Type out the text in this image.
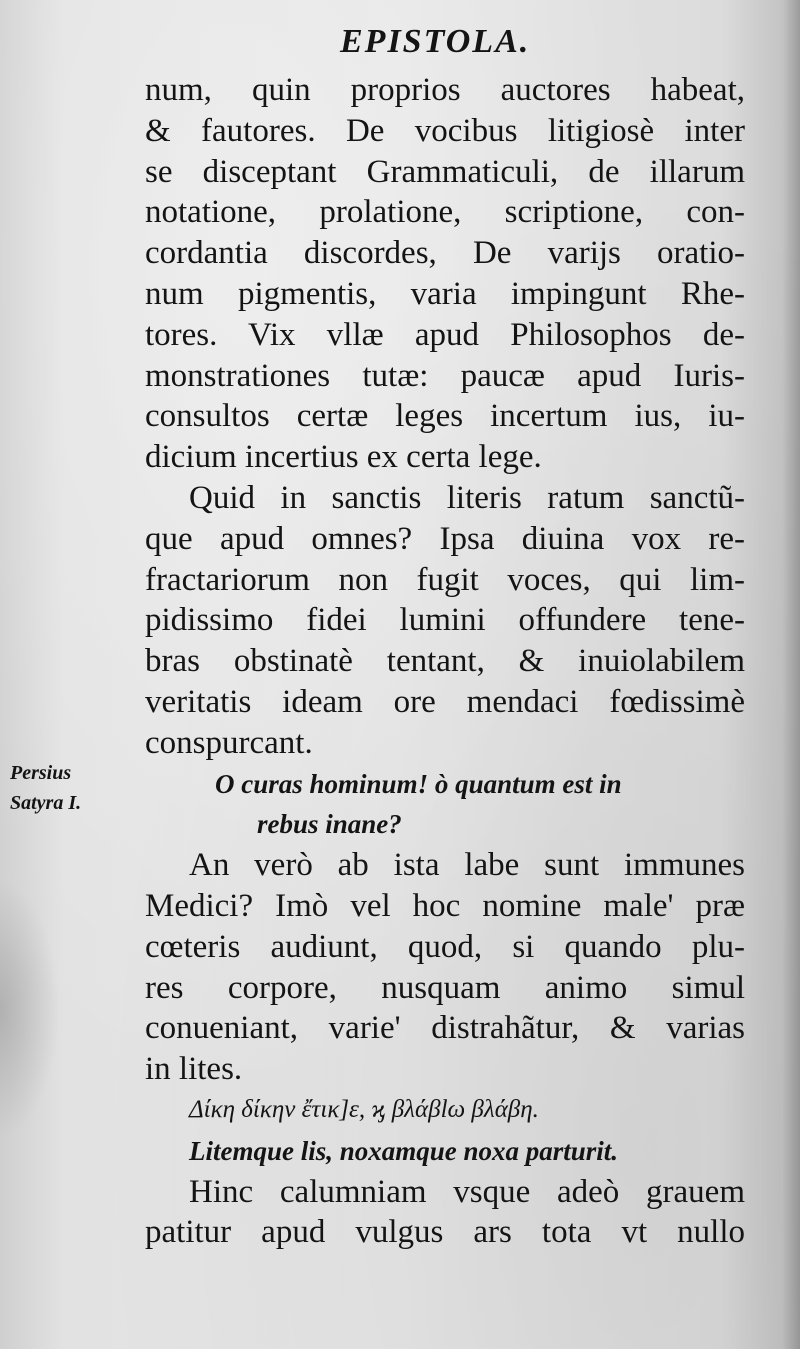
EPISTOLA.
Persius
Satyra I.
num, quin proprios auctores habeat,
& fautores. De vocibus litigiosè inter
se disceptant Grammaticuli, de illarum
notatione, prolatione, scriptione, con-
cordantia discordes, De varijs oratio-
num pigmentis, varia impingunt Rhe-
tores. Vix vllæ apud Philosophos de-
monstrationes tutæ: paucæ apud Iuris-
consultos certæ leges incertum ius, iu-
dicium incertius ex certa lege.
Quid in sanctis literis ratum sanctũ-
que apud omnes? Ipsa diuina vox re-
fractariorum non fugit voces, qui lim-
pidissimo fidei lumini offundere tene-
bras obstinatè tentant, & inuiolabilem
veritatis ideam ore mendaci fœdissimè
conspurcant.
O curas hominum! ò quantum est in
rebus inane?
An verò ab ista labe sunt immunes
Medici? Imò vel hoc nomine male' præ
cœteris audiunt, quod, si quando plu-
res corpore, nusquam animo simul
conueniant, varie' distrahãtur, & varias
in lites.
Δίκη δίκην ἔτικ]ε, ϗ βλάβlω βλάβη.
Litemque lis, noxamque noxa parturit.
Hinc calumniam vsque adeò grauem
patitur apud vulgus ars tota vt nullo
